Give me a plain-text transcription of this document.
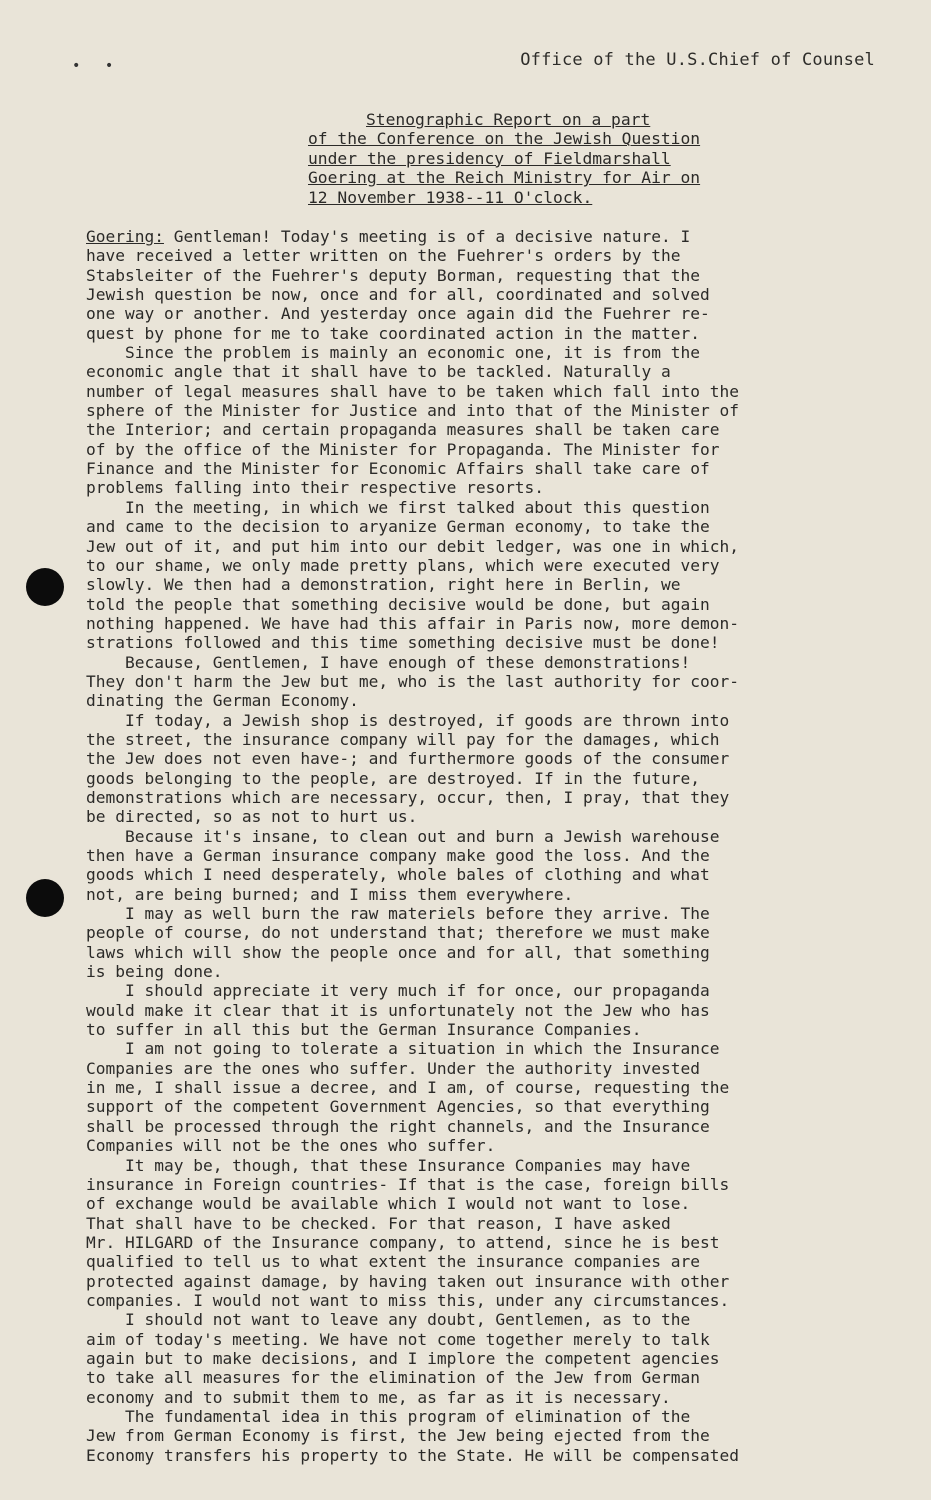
• •	Office of the U.S.Chief of Counsel
Stenographic Report on a part
of the Conference on the Jewish Question
under the presidency of Fieldmarshall
Goering at the Reich Ministry for Air on
12 November 1938--11 O'clock.
Goering: Gentleman! Today's meeting is of a decisive nature. I
have received a letter written on the Fuehrer's orders by the
Stabsleiter of the Fuehrer's deputy Borman, requesting that the
Jewish question be now, once and for all, coordinated and solved
one way or another. And yesterday once again did the Fuehrer re-
quest by phone for me to take coordinated action in the matter.
Since the problem is mainly an economic one, it is from the
economic angle that it shall have to be tackled. Naturally a
number of legal measures shall have to be taken which fall into the
sphere of the Minister for Justice and into that of the Minister of
the Interior; and certain propaganda measures shall be taken care
of by the office of the Minister for Propaganda. The Minister for
Finance and the Minister for Economic Affairs shall take care of
problems falling into their respective resorts.
In the meeting, in which we first talked about this question
and came to the decision to aryanize German economy, to take the
Jew out of it, and put him into our debit ledger, was one in which,
to our shame, we only made pretty plans, which were executed very
slowly. We then had a demonstration, right here in Berlin, we
told the people that something decisive would be done, but again
nothing happened. We have had this affair in Paris now, more demon-
strations followed and this time something decisive must be done!
Because, Gentlemen, I have enough of these demonstrations!
They don't harm the Jew but me, who is the last authority for coor-
dinating the German Economy.
If today, a Jewish shop is destroyed, if goods are thrown into
the street, the insurance company will pay for the damages, which
the Jew does not even have-; and furthermore goods of the consumer
goods belonging to the people, are destroyed. If in the future,
demonstrations which are necessary, occur, then, I pray, that they
be directed, so as not to hurt us.
Because it's insane, to clean out and burn a Jewish warehouse
then have a German insurance company make good the loss. And the
goods which I need desperately, whole bales of clothing and what
not, are being burned; and I miss them everywhere.
I may as well burn the raw materiels before they arrive. The
people of course, do not understand that; therefore we must make
laws which will show the people once and for all, that something
is being done.
I should appreciate it very much if for once, our propaganda
would make it clear that it is unfortunately not the Jew who has
to suffer in all this but the German Insurance Companies.
I am not going to tolerate a situation in which the Insurance
Companies are the ones who suffer. Under the authority invested
in me, I shall issue a decree, and I am, of course, requesting the
support of the competent Government Agencies, so that everything
shall be processed through the right channels, and the Insurance
Companies will not be the ones who suffer.
It may be, though, that these Insurance Companies may have
insurance in Foreign countries- If that is the case, foreign bills
of exchange would be available which I would not want to lose.
That shall have to be checked. For that reason, I have asked
Mr. HILGARD of the Insurance company, to attend, since he is best
qualified to tell us to what extent the insurance companies are
protected against damage, by having taken out insurance with other
companies. I would not want to miss this, under any circumstances.
I should not want to leave any doubt, Gentlemen, as to the
aim of today's meeting. We have not come together merely to talk
again but to make decisions, and I implore the competent agencies
to take all measures for the elimination of the Jew from German
economy and to submit them to me, as far as it is necessary.
The fundamental idea in this program of elimination of the
Jew from German Economy is first, the Jew being ejected from the
Economy transfers his property to the State. He will be compensated
